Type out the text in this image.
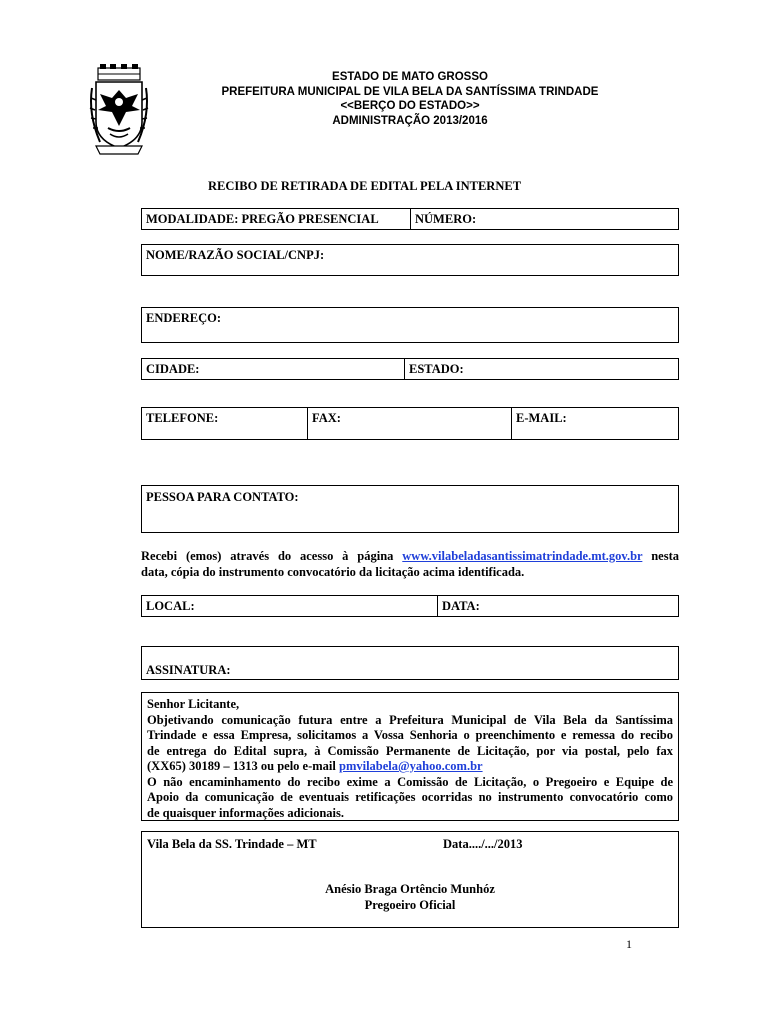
ESTADO DE MATO GROSSO
PREFEITURA MUNICIPAL DE VILA BELA DA SANTÍSSIMA TRINDADE
<<BERÇO DO ESTADO>>
ADMINISTRAÇÃO 2013/2016
RECIBO DE RETIRADA DE EDITAL PELA INTERNET
MODALIDADE: PREGÃO PRESENCIAL	NÚMERO:
NOME/RAZÃO SOCIAL/CNPJ:
ENDEREÇO:
CIDADE:	ESTADO:
TELEFONE:	FAX:	E-MAIL:
PESSOA PARA CONTATO:
Recebi (emos) através do acesso à página www.vilabeladasantissimatrindade.mt.gov.br nesta
data, cópia do instrumento convocatório da licitação acima identificada.
LOCAL:	DATA:
ASSINATURA:
Senhor Licitante,
Objetivando comunicação futura entre a Prefeitura Municipal de Vila Bela da Santíssima
Trindade e essa Empresa, solicitamos a Vossa Senhoria o preenchimento e remessa do recibo
de entrega do Edital supra, à Comissão Permanente de Licitação, por via postal, pelo fax
(XX65) 30189 – 1313 ou pelo e-mail pmvilabela@yahoo.com.br
O não encaminhamento do recibo exime a Comissão de Licitação, o Pregoeiro e Equipe de
Apoio da comunicação de eventuais retificações ocorridas no instrumento convocatório como
de quaisquer informações adicionais.
Vila Bela da SS. Trindade – MT	Data..../.../2013
Anésio Braga Ortêncio Munhóz
Pregoeiro Oficial
1
